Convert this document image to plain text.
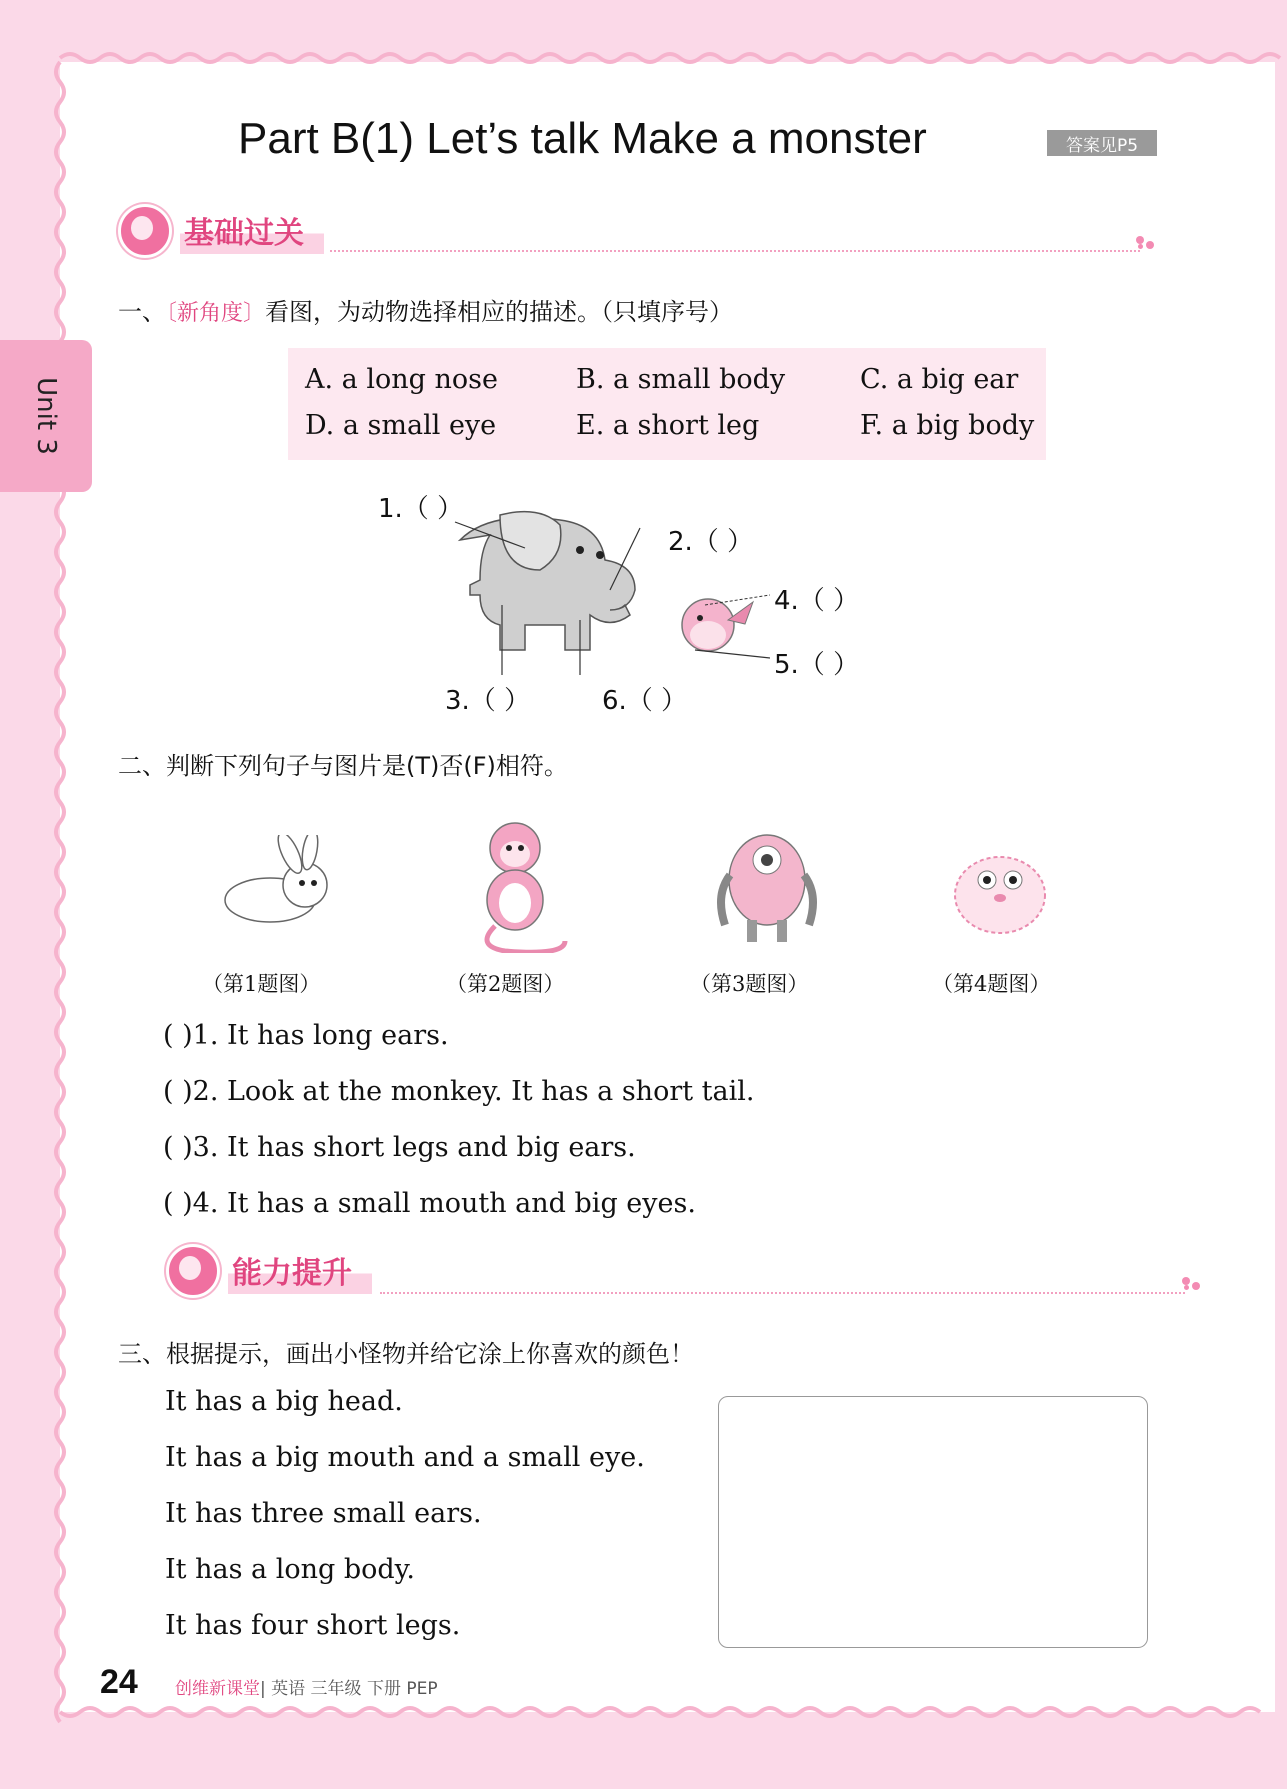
Unit 3
Part B(1) Let’s talk Make a monster	答案见P5
基础过关
一、〔新角度〕看图，为动物选择相应的描述。（只填序号）
A. a long nose	B. a small body	C. a big ear
D. a small eye	E. a short leg	F. a big body
1.（ ）
2.（ ）
3.（ ）
4.（ ）
5.（ ）
6.（ ）
二、判断下列句子与图片是(T)否(F)相符。
（第1题图）	（第2题图）	（第3题图）	（第4题图）
( )1. It has long ears.
( )2. Look at the monkey. It has a short tail.
( )3. It has short legs and big ears.
( )4. It has a small mouth and big eyes.
能力提升
三、根据提示，画出小怪物并给它涂上你喜欢的颜色！
It has a big head.
It has a big mouth and a small eye.
It has three small ears.
It has a long body.
It has four short legs.
24 创维新课堂| 英语 三年级 下册 PEP
